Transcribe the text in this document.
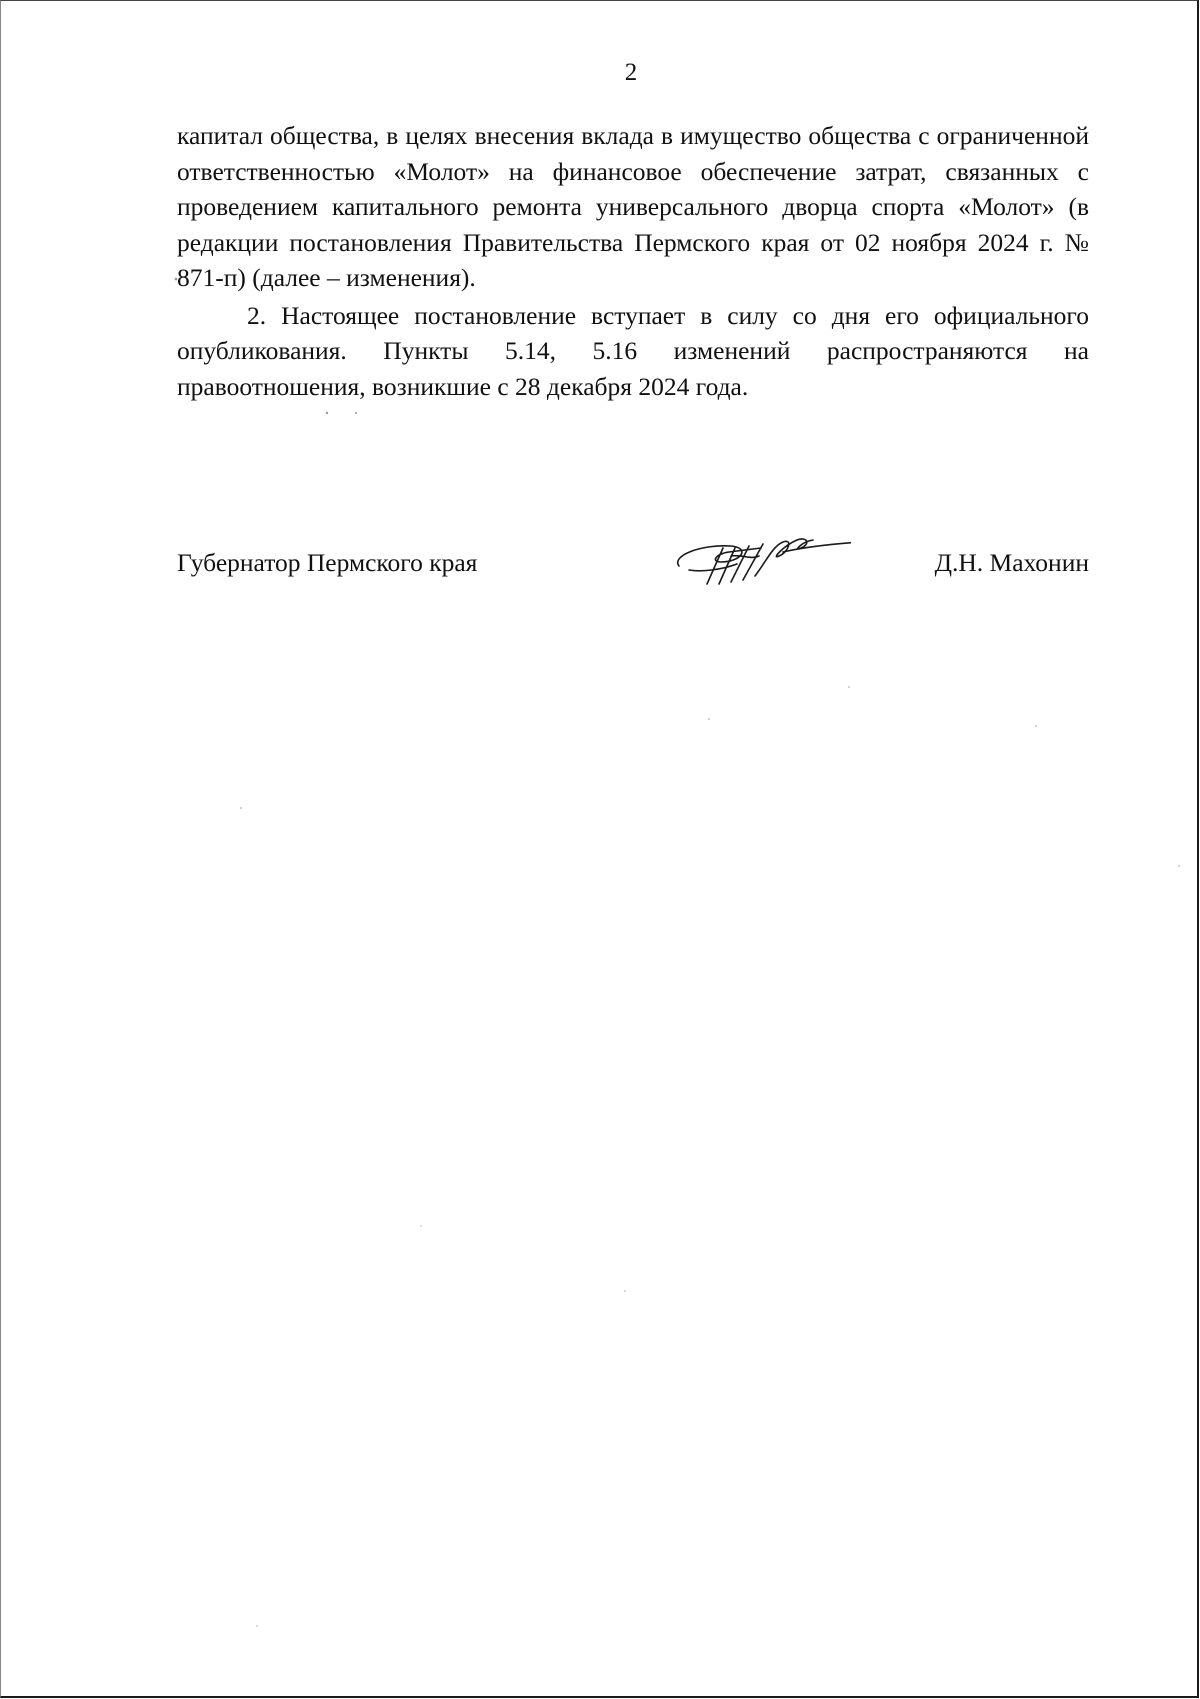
2

капитал общества, в целях внесения вклада в имущество общества с ограниченной ответственностью «Молот» на финансовое обеспечение затрат, связанных с проведением капитального ремонта универсального дворца спорта «Молот» (в редакции постановления Правительства Пермского края от 02 ноября 2024 г. № 871-п) (далее – изменения).

2. Настоящее постановление вступает в силу со дня его официального опубликования. Пункты 5.14, 5.16 изменений распространяются на правоотношения, возникшие с 28 декабря 2024 года.

Губернатор Пермского края	Д.Н. Махонин
